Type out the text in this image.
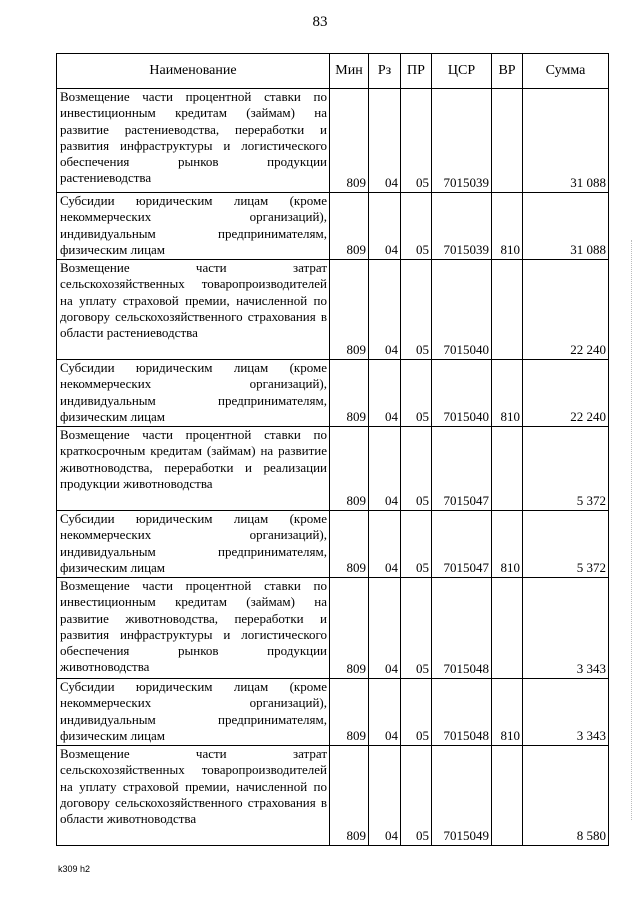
83
Наименование	Мин	Рз	ПР	ЦСР	ВР	Сумма
Возмещение части процентной ставки по инвестиционным кредитам (займам) на развитие растениеводства, переработки и развития инфраструктуры и логистического обеспечения рынков продукции растениеводства	809	04	05	7015039		31 088
Субсидии юридическим лицам (кроме некоммерческих организаций), индивидуальным предпринимателям, физическим лицам	809	04	05	7015039	810	31 088
Возмещение части затрат сельскохозяйственных товаропроизводителей на уплату страховой премии, начисленной по договору сельскохозяйственного страхования в области растениеводства	809	04	05	7015040		22 240
Субсидии юридическим лицам (кроме некоммерческих организаций), индивидуальным предпринимателям, физическим лицам	809	04	05	7015040	810	22 240
Возмещение части процентной ставки по краткосрочным кредитам (займам) на развитие животноводства, переработки и реализации продукции животноводства	809	04	05	7015047		5 372
Субсидии юридическим лицам (кроме некоммерческих организаций), индивидуальным предпринимателям, физическим лицам	809	04	05	7015047	810	5 372
Возмещение части процентной ставки по инвестиционным кредитам (займам) на развитие животноводства, переработки и развития инфраструктуры и логистического обеспечения рынков продукции животноводства	809	04	05	7015048		3 343
Субсидии юридическим лицам (кроме некоммерческих организаций), индивидуальным предпринимателям, физическим лицам	809	04	05	7015048	810	3 343
Возмещение части затрат сельскохозяйственных товаропроизводителей на уплату страховой премии, начисленной по договору сельскохозяйственного страхования в области животноводства	809	04	05	7015049		8 580
k309 h2
